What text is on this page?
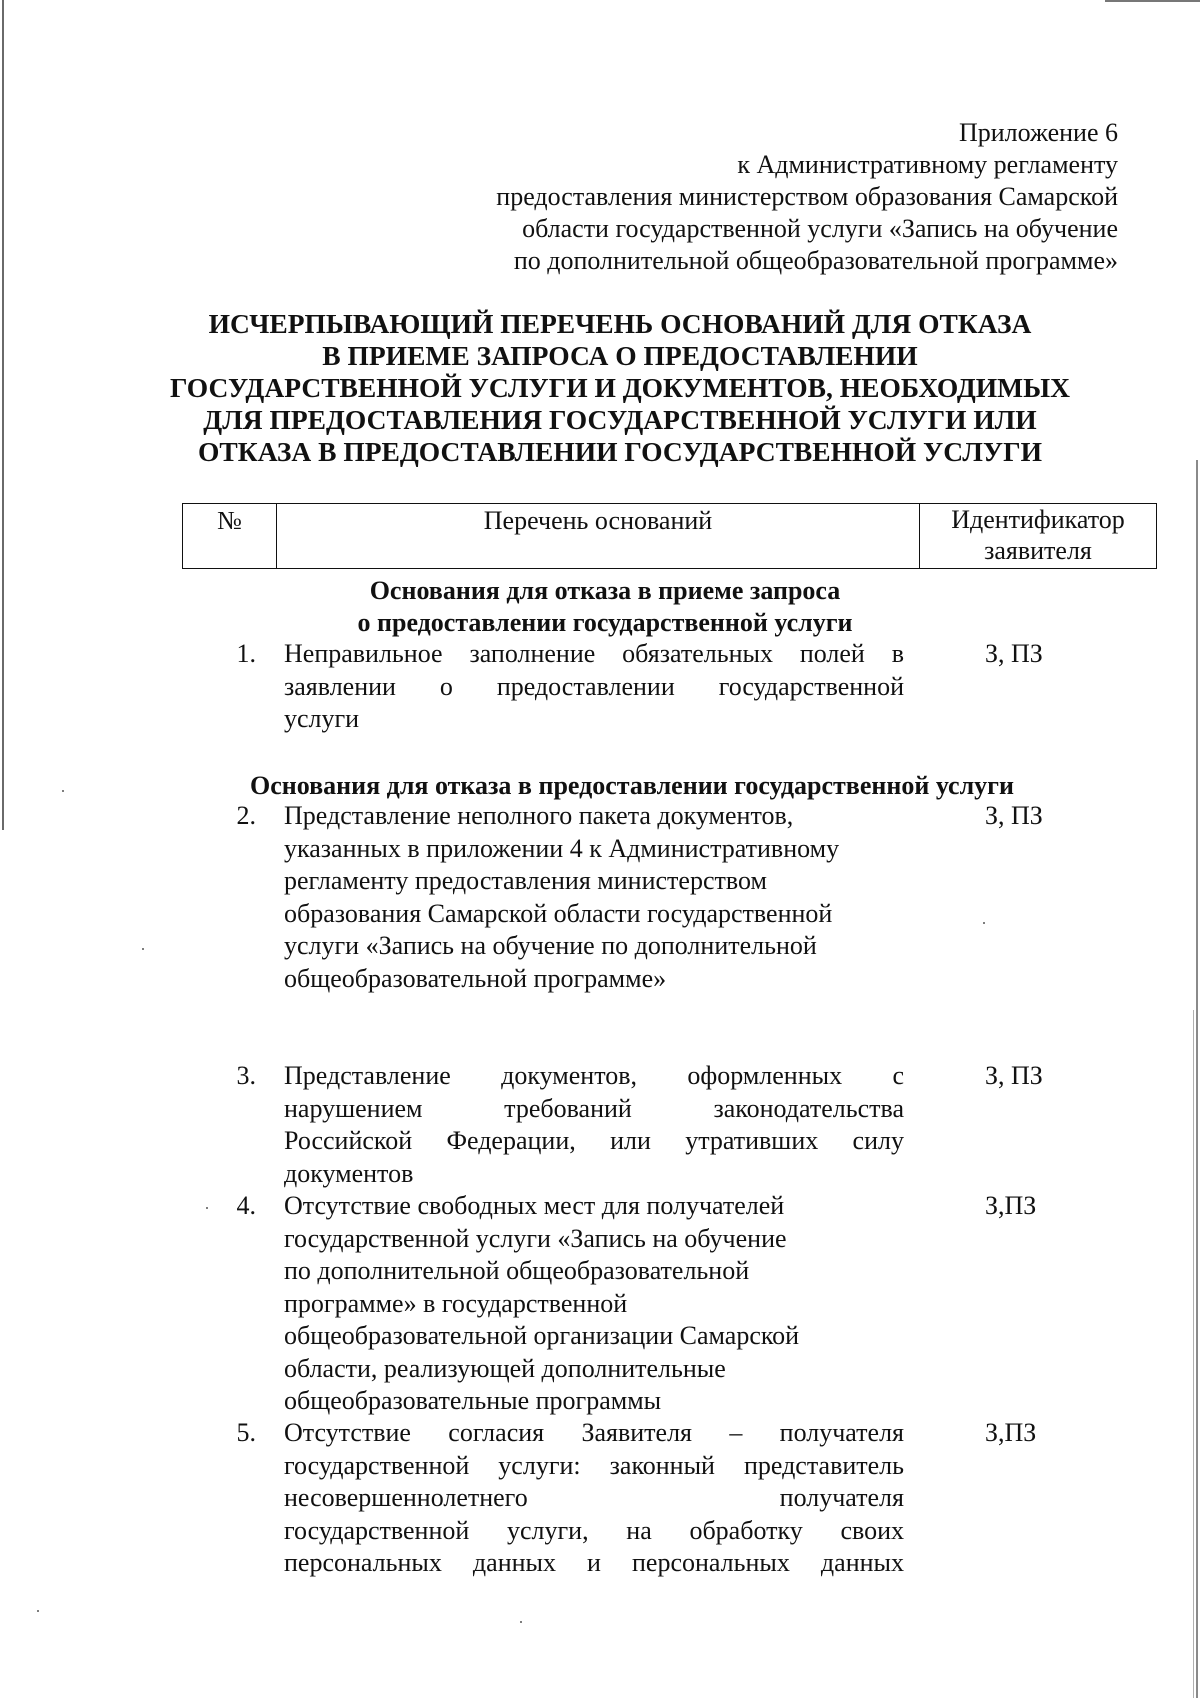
Приложение 6
к Административному регламенту
предоставления министерством образования Самарской
области государственной услуги «Запись на обучение
по дополнительной общеобразовательной программе»
ИСЧЕРПЫВАЮЩИЙ ПЕРЕЧЕНЬ ОСНОВАНИЙ ДЛЯ ОТКАЗА
В ПРИЕМЕ ЗАПРОСА О ПРЕДОСТАВЛЕНИИ
ГОСУДАРСТВЕННОЙ УСЛУГИ И ДОКУМЕНТОВ, НЕОБХОДИМЫХ
ДЛЯ ПРЕДОСТАВЛЕНИЯ ГОСУДАРСТВЕННОЙ УСЛУГИ ИЛИ
ОТКАЗА В ПРЕДОСТАВЛЕНИИ ГОСУДАРСТВЕННОЙ УСЛУГИ
№	Перечень оснований	Идентификатор
заявителя
Основания для отказа в приеме запроса
о предоставлении государственной услуги
1. Неправильное заполнение обязательных полей в
заявлении о предоставлении государственной
услуги
З, ПЗ
Основания для отказа в предоставлении государственной услуги
2. Представление неполного пакета документов,
указанных в приложении 4 к Административному
регламенту предоставления министерством
образования Самарской области государственной
услуги «Запись на обучение по дополнительной
общеобразовательной программе»
З, ПЗ
3. Представление документов, оформленных с
нарушением требований законодательства
Российской Федерации, или утративших силу
документов
З, ПЗ
4. Отсутствие свободных мест для получателей
государственной услуги «Запись на обучение
по дополнительной общеобразовательной
программе» в государственной
общеобразовательной организации Самарской
области, реализующей дополнительные
общеобразовательные программы
З,ПЗ
5. Отсутствие согласия Заявителя – получателя
государственной услуги: законный представитель
несовершеннолетнего получателя
государственной услуги, на обработку своих
персональных данных и персональных данных
З,ПЗ
